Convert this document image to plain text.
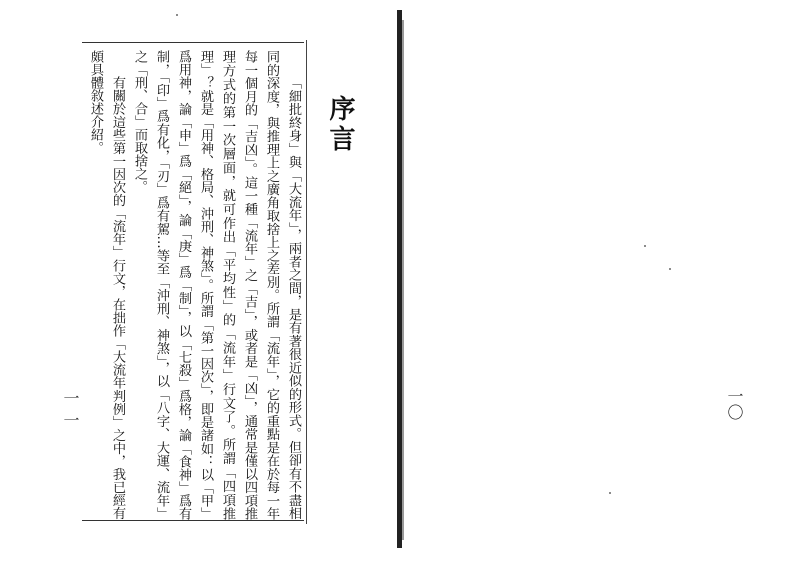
序言

「細批終身」與「大流年」，兩者之間，是有著很近似的形式。但卻有不盡相同的深度，與推理上之廣角取捨上之差別。所謂「流年」，它的重點是在於每一年每一個月的「吉凶」。這一種「流年」之「吉」，或者是「凶」，通常是僅以四項推理方式的第一次層面，就可作出「平均性」的「流年」行文了。所謂「四項推理」？就是「用神、格局、沖刑、神煞」。所謂「第一因次」，即是諸如：以「甲」爲用神，論「申」爲「絕」，論「庚」爲「制」，以「七殺」爲格，論「食神」爲有制，「印」爲有化，「刃」爲有駕…等至「沖刑、神煞」，以「八字、大運、流年」之「刑、合」而取捨之。

有關於這些第一因次的「流年」行文，在拙作「大流年判例」之中，我已經有頗具體敘述介紹。

一一	一〇
